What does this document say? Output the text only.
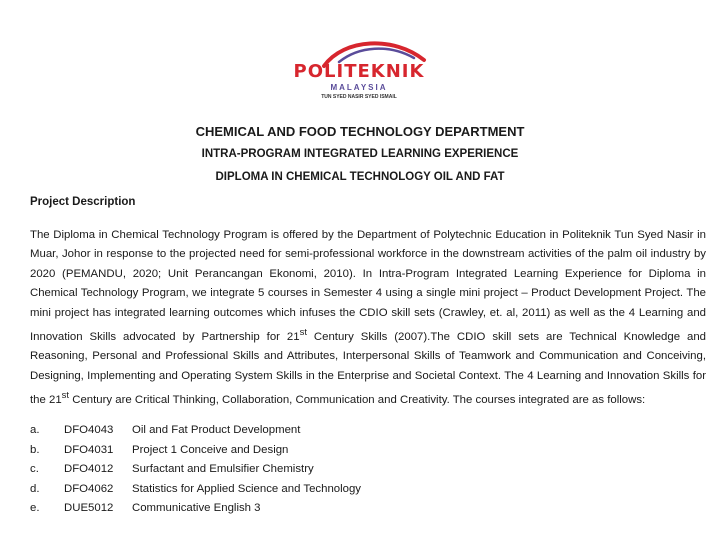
POLITEKNIK
MALAYSIA
TUN SYED NASIR SYED ISMAIL
CHEMICAL AND FOOD TECHNOLOGY DEPARTMENT
INTRA-PROGRAM INTEGRATED LEARNING EXPERIENCE
DIPLOMA IN CHEMICAL TECHNOLOGY OIL AND FAT
Project Description

The Diploma in Chemical Technology Program is offered by the Department of Polytechnic Education in Politeknik Tun Syed Nasir in Muar, Johor in response to the projected need for semi-professional workforce in the downstream activities of the palm oil industry by 2020 (PEMANDU, 2020; Unit Perancangan Ekonomi, 2010). In Intra-Program Integrated Learning Experience for Diploma in Chemical Technology Program, we integrate 5 courses in Semester 4 using a single mini project – Product Development Project. The mini project has integrated learning outcomes which infuses the CDIO skill sets (Crawley, et. al, 2011) as well as the 4 Learning and Innovation Skills advocated by Partnership for 21st Century Skills (2007).The CDIO skill sets are Technical Knowledge and Reasoning, Personal and Professional Skills and Attributes, Interpersonal Skills of Teamwork and Communication and Conceiving, Designing, Implementing and Operating System Skills in the Enterprise and Societal Context. The 4 Learning and Innovation Skills for the 21st Century are Critical Thinking, Collaboration, Communication and Creativity. The courses integrated are as follows:

a.	DFO4043	Oil and Fat Product Development
b.	DFO4031	Project 1 Conceive and Design
c.	DFO4012	Surfactant and Emulsifier Chemistry
d.	DFO4062	Statistics for Applied Science and Technology
e.	DUE5012	Communicative English 3
